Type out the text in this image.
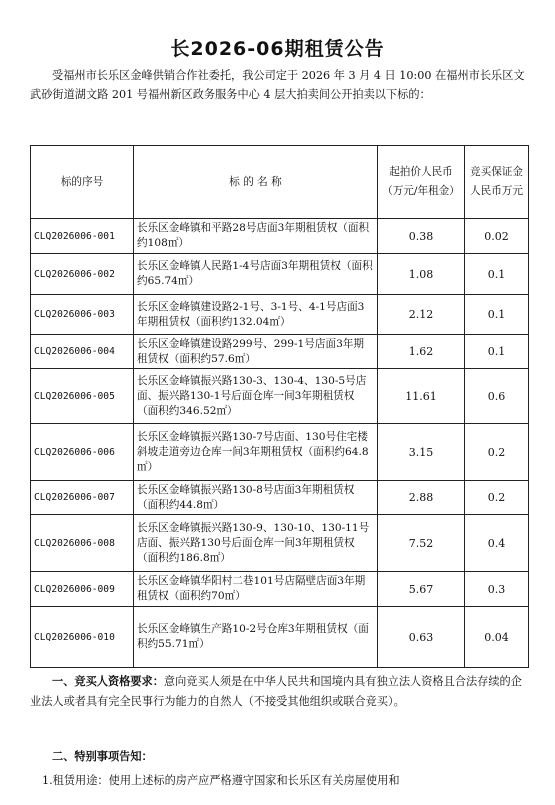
长2026-06期租赁公告

受福州市长乐区金峰供销合作社委托，我公司定于 2026 年 3 月 4 日 10:00 在福州市长乐区文武砂街道湖文路 201 号福州新区政务服务中心 4 层大拍卖间公开拍卖以下标的：

标的序号	标 的 名 称	起拍价人民币（万元/年租金）	竞买保证金人民币万元
CLQ2026006-001	长乐区金峰镇和平路28号店面3年期租赁权（面积约108㎡）	0.38	0.02
CLQ2026006-002	长乐区金峰镇人民路1-4号店面3年期租赁权（面积约65.74㎡）	1.08	0.1
CLQ2026006-003	长乐区金峰镇建设路2-1号、3-1号、4-1号店面3年期租赁权（面积约132.04㎡）	2.12	0.1
CLQ2026006-004	长乐区金峰镇建设路299号、299-1号店面3年期租赁权（面积约57.6㎡）	1.62	0.1
CLQ2026006-005	长乐区金峰镇振兴路130-3、130-4、130-5号店面、振兴路130-1号后面仓库一间3年期租赁权（面积约346.52㎡）	11.61	0.6
CLQ2026006-006	长乐区金峰镇振兴路130-7号店面、130号住宅楼斜坡走道旁边仓库一间3年期租赁权（面积约64.8㎡）	3.15	0.2
CLQ2026006-007	长乐区金峰镇振兴路130-8号店面3年期租赁权（面积约44.8㎡）	2.88	0.2
CLQ2026006-008	长乐区金峰镇振兴路130-9、130-10、130-11号店面、振兴路130号后面仓库一间3年期租赁权（面积约186.8㎡）	7.52	0.4
CLQ2026006-009	长乐区金峰镇华阳村二巷101号店隔壁店面3年期租赁权（面积约70㎡）	5.67	0.3
CLQ2026006-010	长乐区金峰镇生产路10-2号仓库3年期租赁权（面积约55.71㎡）	0.63	0.04

一、竞买人资格要求：意向竞买人须是在中华人民共和国境内具有独立法人资格且合法存续的企业法人或者具有完全民事行为能力的自然人（不接受其他组织或联合竞买）。

二、特别事项告知：

1.租赁用途：使用上述标的房产应严格遵守国家和长乐区有关房屋使用和
